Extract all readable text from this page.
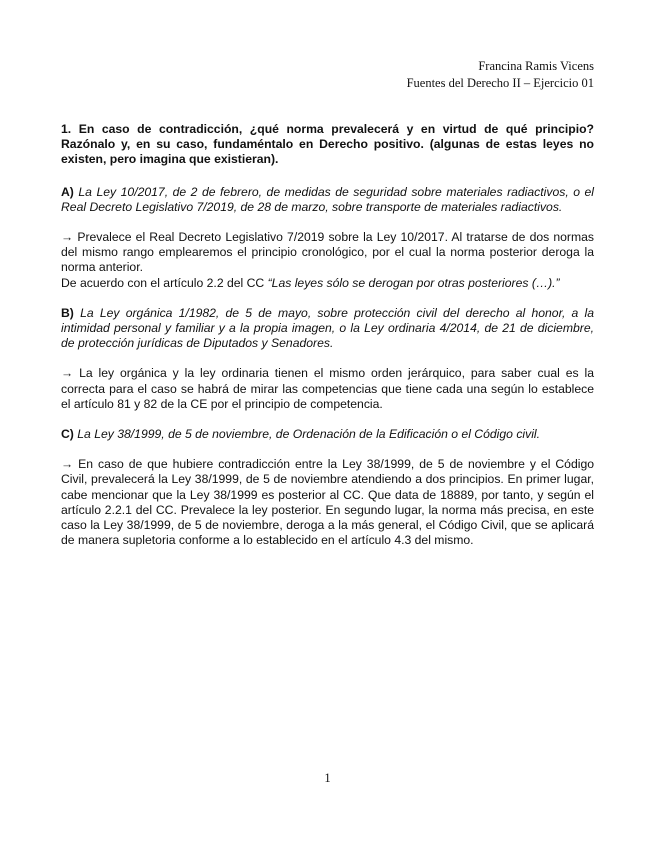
Francina Ramis Vicens
Fuentes del Derecho II – Ejercicio 01

1. En caso de contradicción, ¿qué norma prevalecerá y en virtud de qué principio? Razónalo y, en su caso, fundaméntalo en Derecho positivo. (algunas de estas leyes no existen, pero imagina que existieran).

A) La Ley 10/2017, de 2 de febrero, de medidas de seguridad sobre materiales radiactivos, o el Real Decreto Legislativo 7/2019, de 28 de marzo, sobre transporte de materiales radiactivos.

→ Prevalece el Real Decreto Legislativo 7/2019 sobre la Ley 10/2017. Al tratarse de dos normas del mismo rango emplearemos el principio cronológico, por el cual la norma posterior deroga la norma anterior.

De acuerdo con el artículo 2.2 del CC “Las leyes sólo se derogan por otras posteriores (…).”

B) La Ley orgánica 1/1982, de 5 de mayo, sobre protección civil del derecho al honor, a la intimidad personal y familiar y a la propia imagen, o la Ley ordinaria 4/2014, de 21 de diciembre, de protección jurídicas de Diputados y Senadores.

→ La ley orgánica y la ley ordinaria tienen el mismo orden jerárquico, para saber cual es la correcta para el caso se habrá de mirar las competencias que tiene cada una según lo establece el artículo 81 y 82 de la CE por el principio de competencia.

C) La Ley 38/1999, de 5 de noviembre, de Ordenación de la Edificación o el Código civil.

→ En caso de que hubiere contradicción entre la Ley 38/1999, de 5 de noviembre y el Código Civil, prevalecerá la Ley 38/1999, de 5 de noviembre atendiendo a dos principios. En primer lugar, cabe mencionar que la Ley 38/1999 es posterior al CC. Que data de 18889, por tanto, y según el artículo 2.2.1 del CC. Prevalece la ley posterior. En segundo lugar, la norma más precisa, en este caso la Ley 38/1999, de 5 de noviembre, deroga a la más general, el Código Civil, que se aplicará de manera supletoria conforme a lo establecido en el artículo 4.3 del mismo.

1
